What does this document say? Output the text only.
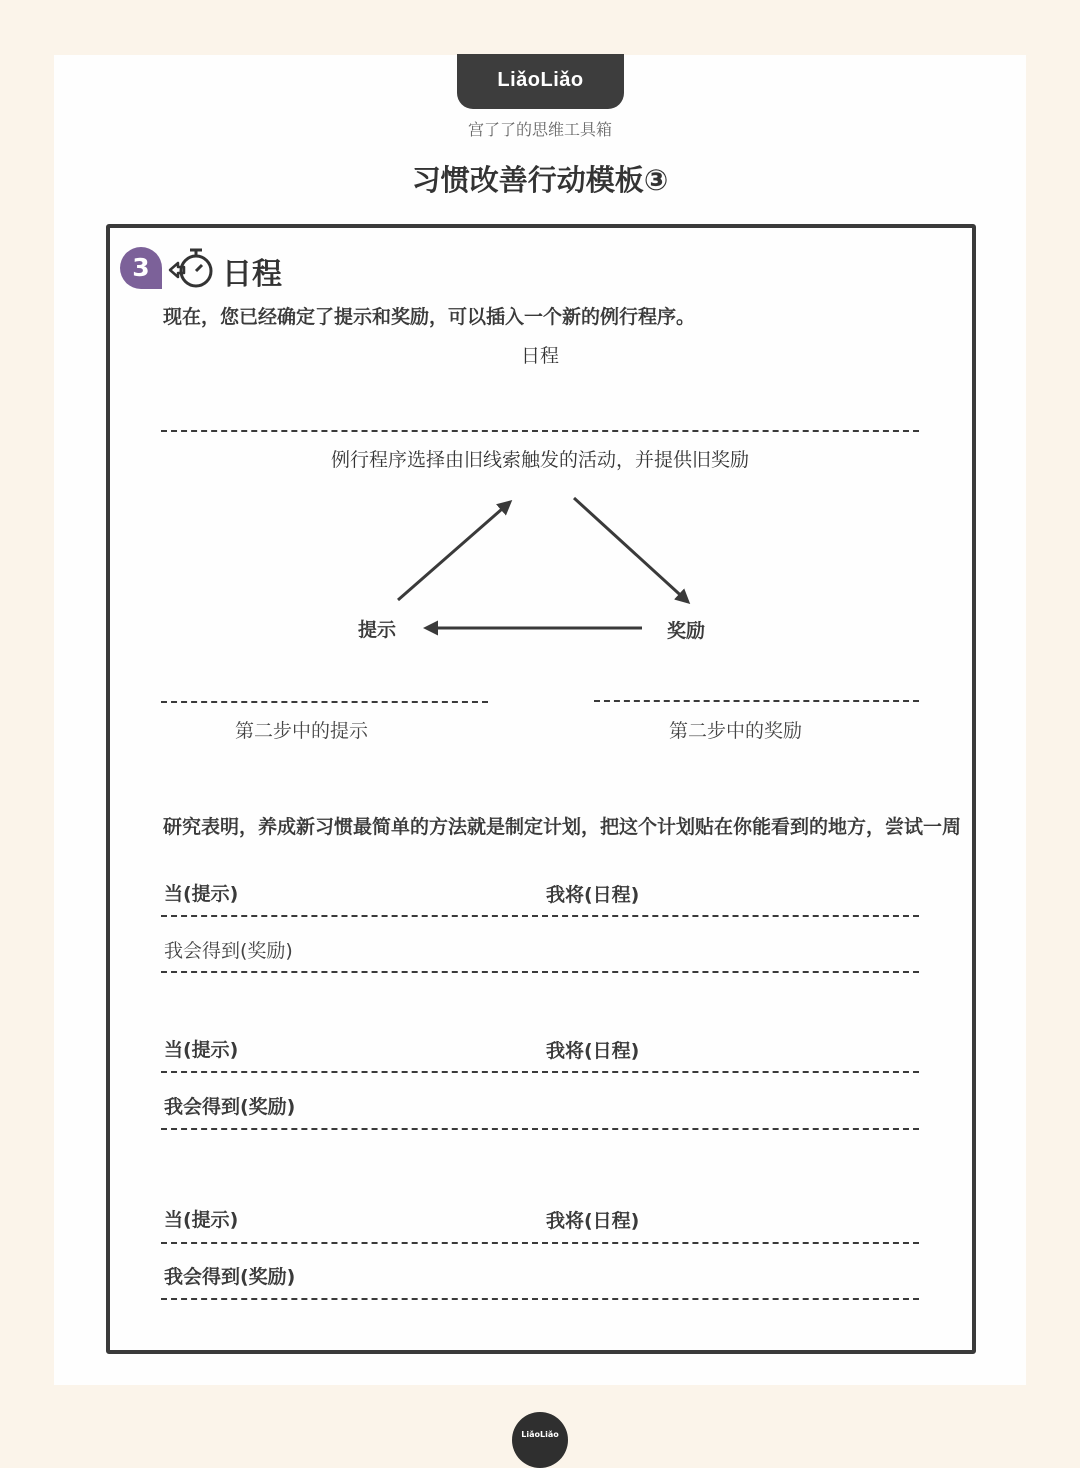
LiǎoLiǎo
宫了了的思维工具箱
习惯改善行动模板③
3	日程
现在，您已经确定了提示和奖励，可以插入一个新的例行程序。
日程
例行程序选择由旧线索触发的活动，并提供旧奖励
提示	奖励
第二步中的提示	第二步中的奖励
研究表明，养成新习惯最简单的方法就是制定计划，把这个计划贴在你能看到的地方，尝试一周
当(提示)	我将(日程)
我会得到(奖励)
当(提示)	我将(日程)
我会得到(奖励)
当(提示)	我将(日程)
我会得到(奖励)
LiǎoLiǎo
